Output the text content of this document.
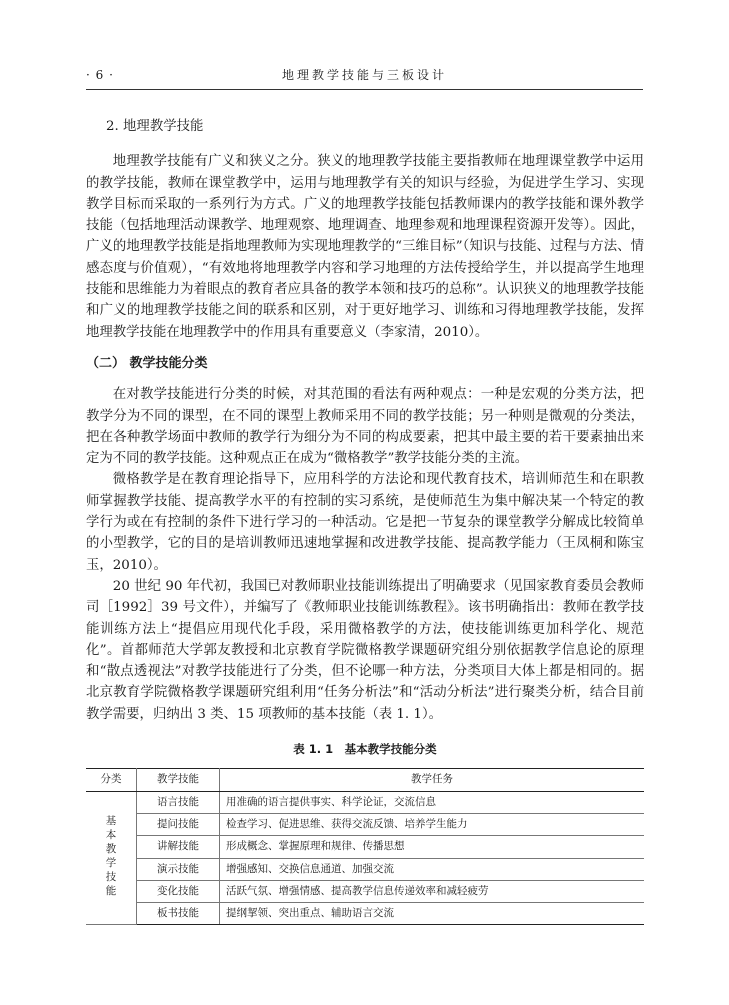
· 6 ·	地理教学技能与三板设计
2. 地理教学技能

地理教学技能有广义和狭义之分。狭义的地理教学技能主要指教师在地理课堂教学中运用的教学技能，教师在课堂教学中，运用与地理教学有关的知识与经验，为促进学生学习、实现教学目标而采取的一系列行为方式。广义的地理教学技能包括教师课内的教学技能和课外教学技能（包括地理活动课教学、地理观察、地理调查、地理参观和地理课程资源开发等）。因此，广义的地理教学技能是指地理教师为实现地理教学的“三维目标”（知识与技能、过程与方法、情感态度与价值观），“有效地将地理教学内容和学习地理的方法传授给学生，并以提高学生地理技能和思维能力为着眼点的教育者应具备的教学本领和技巧的总称”。认识狭义的地理教学技能和广义的地理教学技能之间的联系和区别，对于更好地学习、训练和习得地理教学技能，发挥地理教学技能在地理教学中的作用具有重要意义（李家清，2010）。

（二） 教学技能分类

在对教学技能进行分类的时候，对其范围的看法有两种观点：一种是宏观的分类方法，把教学分为不同的课型，在不同的课型上教师采用不同的教学技能；另一种则是微观的分类法，把在各种教学场面中教师的教学行为细分为不同的构成要素，把其中最主要的若干要素抽出来定为不同的教学技能。这种观点正在成为“微格教学”教学技能分类的主流。

微格教学是在教育理论指导下，应用科学的方法论和现代教育技术，培训师范生和在职教师掌握教学技能、提高教学水平的有控制的实习系统，是使师范生为集中解决某一个特定的教学行为或在有控制的条件下进行学习的一种活动。它是把一节复杂的课堂教学分解成比较简单的小型教学，它的目的是培训教师迅速地掌握和改进教学技能、提高教学能力（王凤桐和陈宝玉，2010）。

20 世纪 90 年代初，我国已对教师职业技能训练提出了明确要求（见国家教育委员会教师司［1992］39 号文件），并编写了《教师职业技能训练教程》。该书明确指出：教师在教学技能训练方法上“提倡应用现代化手段，采用微格教学的方法，使技能训练更加科学化、规范化”。首都师范大学郭友教授和北京教育学院微格教学课题研究组分别依据教学信息论的原理和“散点透视法”对教学技能进行了分类，但不论哪一种方法，分类项目大体上都是相同的。据北京教育学院微格教学课题研究组利用“任务分析法”和“活动分析法”进行聚类分析，结合目前教学需要，归纳出 3 类、15 项教师的基本技能（表 1. 1）。

表 1. 1　基本教学技能分类
分类	教学技能	教学任务
基本教学技能	语言技能	用准确的语言提供事实、科学论证，交流信息
	提问技能	检查学习、促进思维、获得交流反馈、培养学生能力
	讲解技能	形成概念、掌握原理和规律、传播思想
	演示技能	增强感知、交换信息通道、加强交流
	变化技能	活跃气氛、增强情感、提高教学信息传递效率和减轻疲劳
	板书技能	提纲挈领、突出重点、辅助语言交流
